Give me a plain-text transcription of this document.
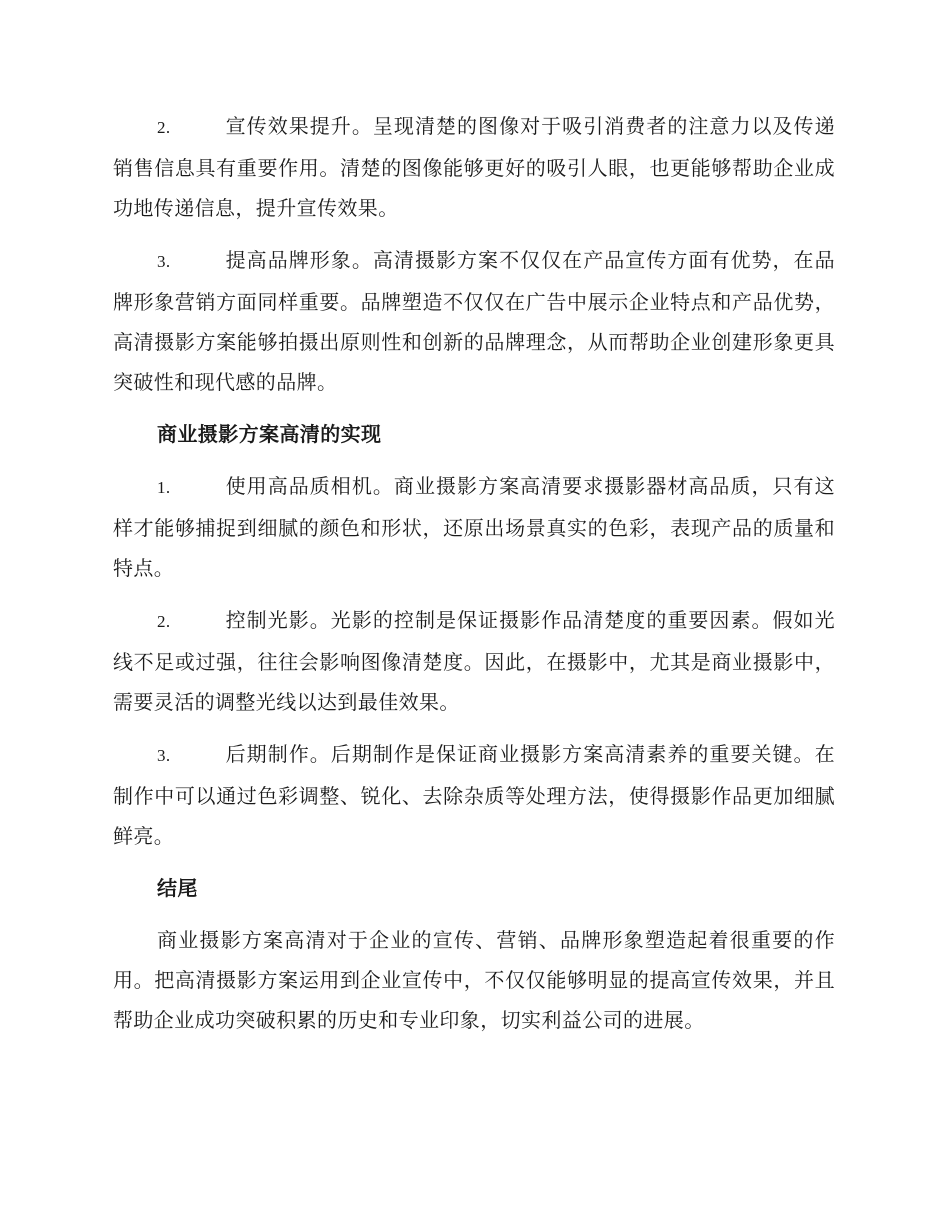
2.	宣传效果提升。呈现清楚的图像对于吸引消费者的注意力以及传递销售信息具有重要作用。清楚的图像能够更好的吸引人眼，也更能够帮助企业成功地传递信息，提升宣传效果。

3.	提高品牌形象。高清摄影方案不仅仅在产品宣传方面有优势，在品牌形象营销方面同样重要。品牌塑造不仅仅在广告中展示企业特点和产品优势，高清摄影方案能够拍摄出原则性和创新的品牌理念，从而帮助企业创建形象更具突破性和现代感的品牌。

商业摄影方案高清的实现

1.	使用高品质相机。商业摄影方案高清要求摄影器材高品质，只有这样才能够捕捉到细腻的颜色和形状，还原出场景真实的色彩，表现产品的质量和特点。

2.	控制光影。光影的控制是保证摄影作品清楚度的重要因素。假如光线不足或过强，往往会影响图像清楚度。因此，在摄影中，尤其是商业摄影中，需要灵活的调整光线以达到最佳效果。

3.	后期制作。后期制作是保证商业摄影方案高清素养的重要关键。在制作中可以通过色彩调整、锐化、去除杂质等处理方法，使得摄影作品更加细腻鲜亮。

结尾

商业摄影方案高清对于企业的宣传、营销、品牌形象塑造起着很重要的作用。把高清摄影方案运用到企业宣传中，不仅仅能够明显的提高宣传效果，并且帮助企业成功突破积累的历史和专业印象，切实利益公司的进展。
